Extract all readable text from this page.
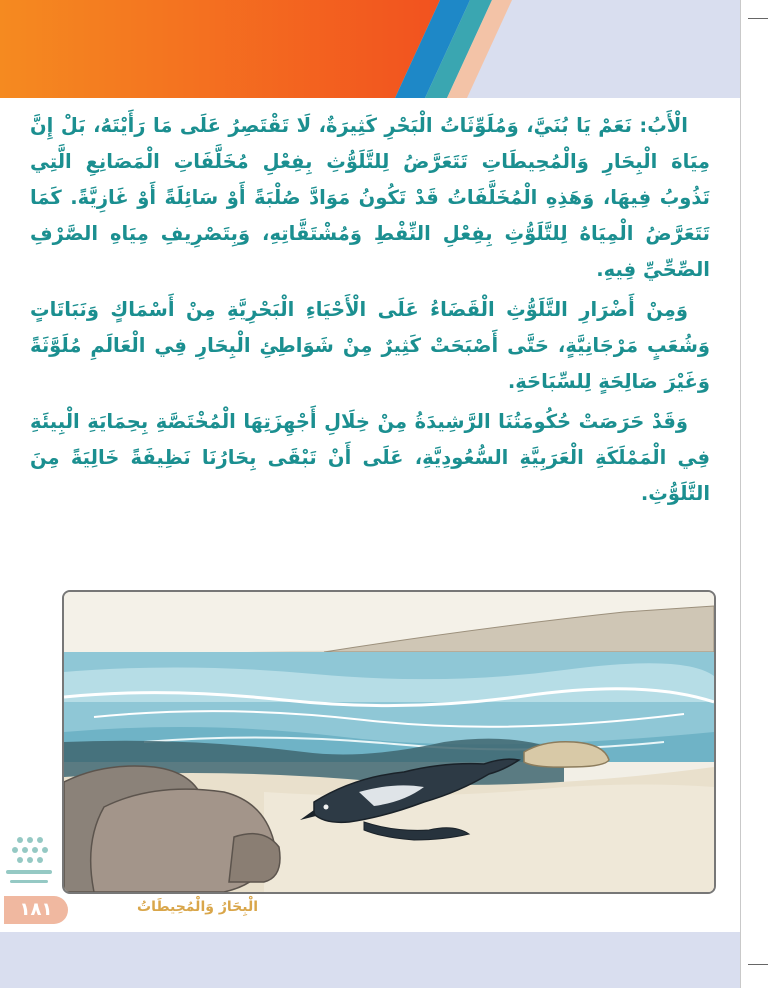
الْأَبُ: نَعَمْ يَا بُنَيَّ، وَمُلَوِّثَاتُ الْبَحْرِ كَثِيرَةٌ، لَا تَقْتَصِرُ عَلَى مَا رَأَيْتَهُ، بَلْ إِنَّ مِيَاهَ الْبِحَارِ وَالْمُحِيطَاتِ تَتَعَرَّضُ لِلتَّلَوُّثِ بِفِعْلِ مُخَلَّفَاتِ الْمَصَانِعِ الَّتِي تَذُوبُ فِيهَا، وَهَذِهِ الْمُخَلَّفَاتُ قَدْ تَكُونُ مَوَادَّ صُلْبَةً أَوْ سَائِلَةً أَوْ غَازِيَّةً. كَمَا تَتَعَرَّضُ الْمِيَاهُ لِلتَّلَوُّثِ بِفِعْلِ النِّفْطِ وَمُشْتَقَّاتِهِ، وَبِتَصْرِيفِ مِيَاهِ الصَّرْفِ الصِّحِّيِّ فِيهِ.

وَمِنْ أَضْرَارِ التَّلَوُّثِ الْقَضَاءُ عَلَى الْأَحْيَاءِ الْبَحْرِيَّةِ مِنْ أَسْمَاكٍ وَنَبَاتَاتٍ وَشُعَبٍ مَرْجَانِيَّةٍ، حَتَّى أَصْبَحَتْ كَثِيرٌ مِنْ شَوَاطِئِ الْبِحَارِ فِي الْعَالَمِ مُلَوَّثَةً وَغَيْرَ صَالِحَةٍ لِلسِّبَاحَةِ.

وَقَدْ حَرَصَتْ حُكُومَتُنَا الرَّشِيدَةُ مِنْ خِلَالِ أَجْهِزَتِهَا الْمُخْتَصَّةِ بِحِمَايَةِ الْبِيئَةِ فِي الْمَمْلَكَةِ الْعَرَبِيَّةِ السُّعُودِيَّةِ، عَلَى أَنْ تَبْقَى بِحَارُنَا نَظِيفَةً خَالِيَةً مِنَ التَّلَوُّثِ.

١٨١	الْبِحَارُ وَالْمُحِيطَاتُ
